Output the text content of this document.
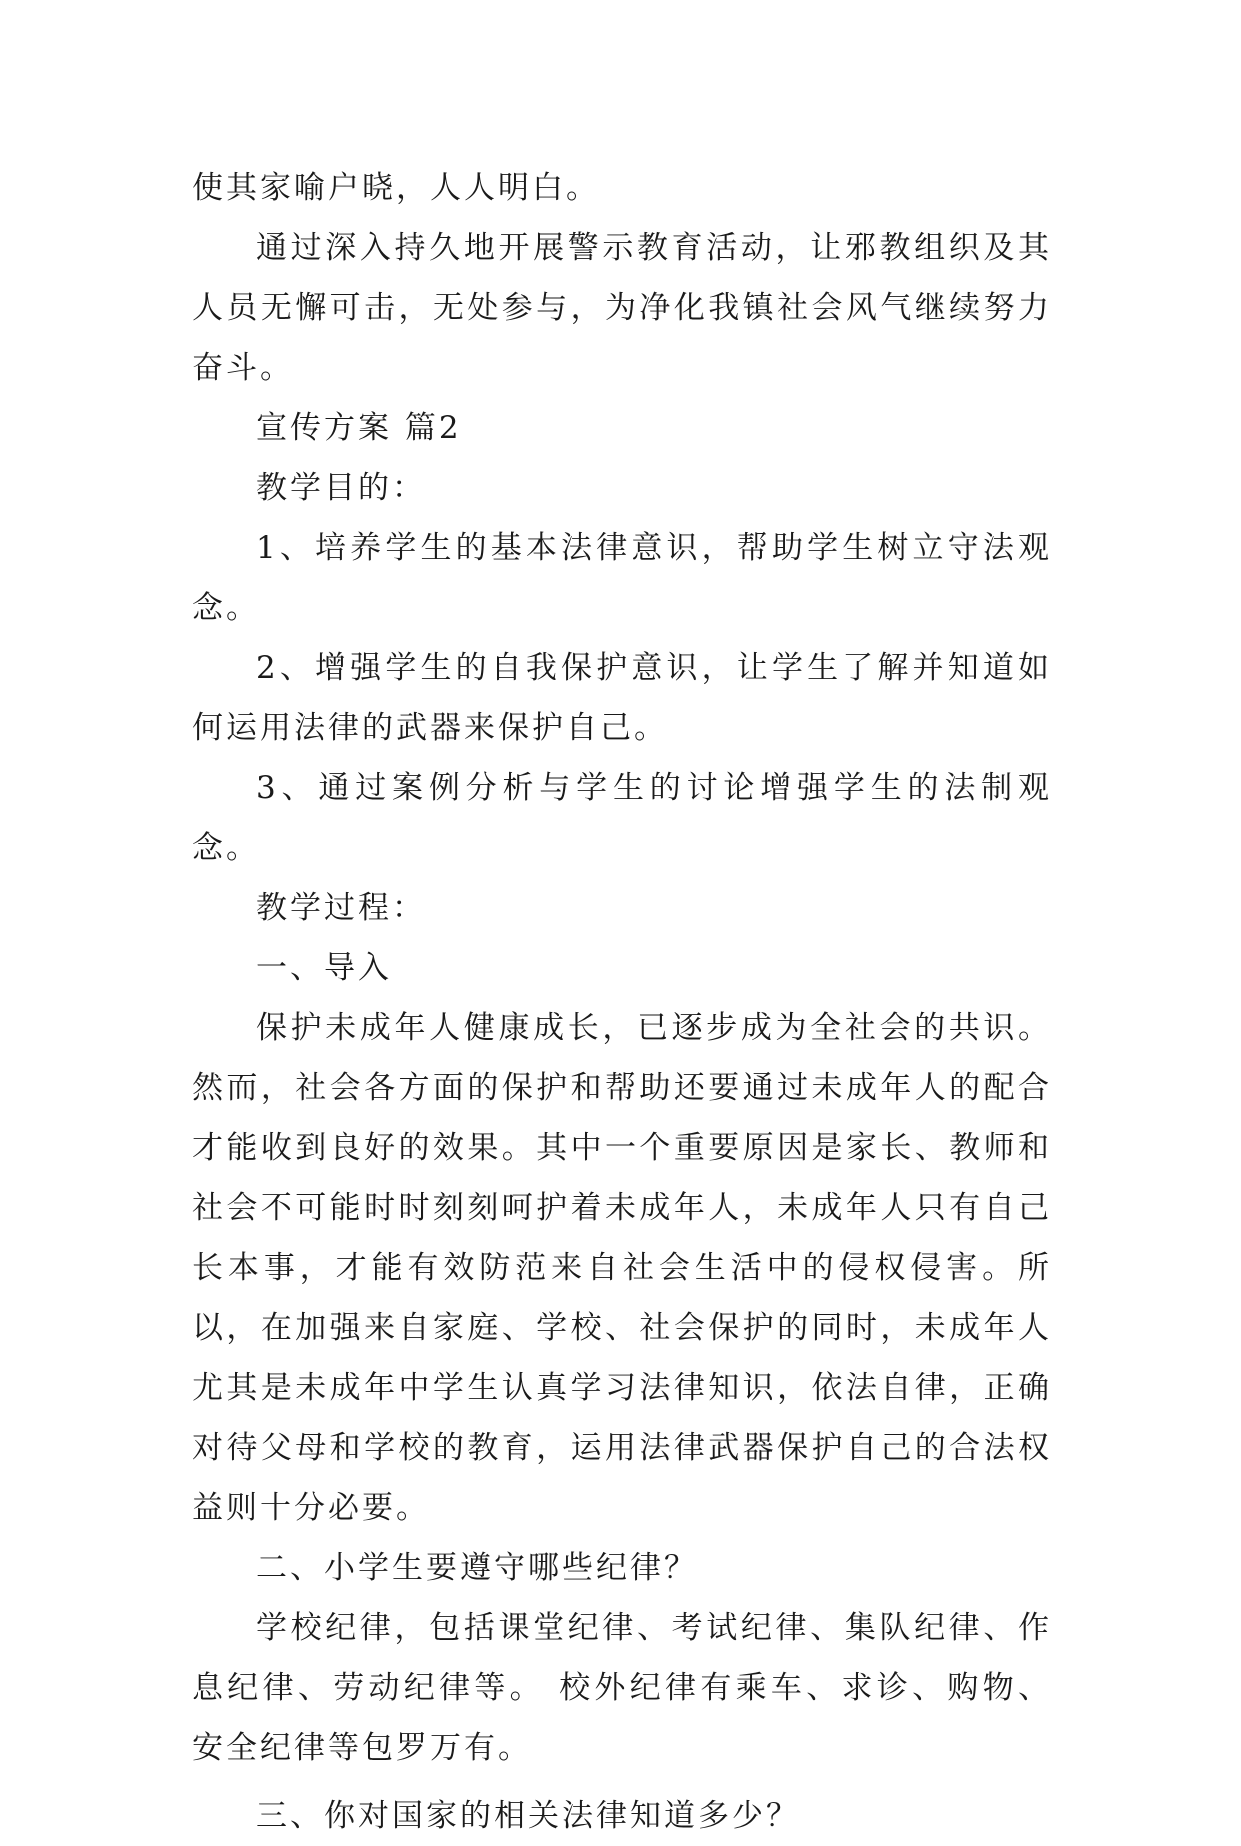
使其家喻户晓，人人明白。

通过深入持久地开展警示教育活动，让邪教组织及其人员无懈可击，无处参与，为净化我镇社会风气继续努力奋斗。

宣传方案 篇2

教学目的：

1、培养学生的基本法律意识，帮助学生树立守法观念。

2、增强学生的自我保护意识，让学生了解并知道如何运用法律的武器来保护自己。

3、通过案例分析与学生的讨论增强学生的法制观念。

教学过程：

一、导入

保护未成年人健康成长，已逐步成为全社会的共识。然而，社会各方面的保护和帮助还要通过未成年人的配合才能收到良好的效果。其中一个重要原因是家长、教师和社会不可能时时刻刻呵护着未成年人，未成年人只有自己长本事，才能有效防范来自社会生活中的侵权侵害。所以，在加强来自家庭、学校、社会保护的同时，未成年人尤其是未成年中学生认真学习法律知识，依法自律，正确对待父母和学校的教育，运用法律武器保护自己的合法权益则十分必要。

二、小学生要遵守哪些纪律？

学校纪律，包括课堂纪律、考试纪律、集队纪律、作息纪律、劳动纪律等。 校外纪律有乘车、求诊、购物、安全纪律等包罗万有。

三、你对国家的相关法律知道多少？
